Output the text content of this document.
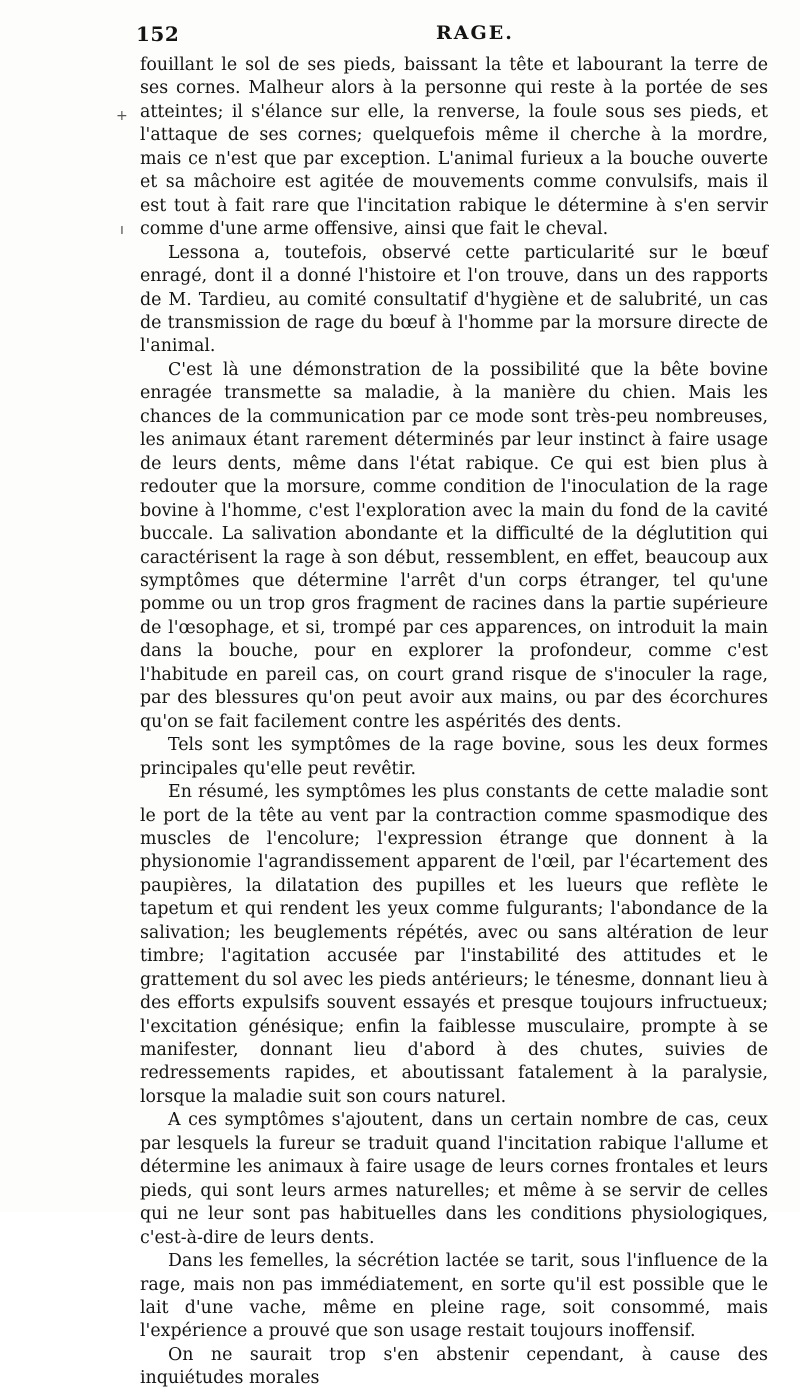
152	RAGE.
+
ı

fouillant le sol de ses pieds, baissant la tête et labourant la terre de ses cornes. Malheur alors à la personne qui reste à la portée de ses atteintes; il s'élance sur elle, la renverse, la foule sous ses pieds, et l'attaque de ses cornes; quelquefois même il cherche à la mordre, mais ce n'est que par exception. L'animal furieux a la bouche ouverte et sa mâchoire est agitée de mouvements comme convulsifs, mais il est tout à fait rare que l'incitation rabique le détermine à s'en servir comme d'une arme offensive, ainsi que fait le cheval.

Lessona a, toutefois, observé cette particularité sur le bœuf enragé, dont il a donné l'histoire et l'on trouve, dans un des rapports de M. Tardieu, au comité consultatif d'hygiène et de salubrité, un cas de transmission de rage du bœuf à l'homme par la morsure directe de l'animal.

C'est là une démonstration de la possibilité que la bête bovine enragée transmette sa maladie, à la manière du chien. Mais les chances de la communication par ce mode sont très-peu nombreuses, les animaux étant rarement déterminés par leur instinct à faire usage de leurs dents, même dans l'état rabique. Ce qui est bien plus à redouter que la morsure, comme condition de l'inoculation de la rage bovine à l'homme, c'est l'exploration avec la main du fond de la cavité buccale. La salivation abondante et la difficulté de la déglutition qui caractérisent la rage à son début, ressemblent, en effet, beaucoup aux symptômes que détermine l'arrêt d'un corps étranger, tel qu'une pomme ou un trop gros fragment de racines dans la partie supérieure de l'œsophage, et si, trompé par ces apparences, on introduit la main dans la bouche, pour en explorer la profondeur, comme c'est l'habitude en pareil cas, on court grand risque de s'inoculer la rage, par des blessures qu'on peut avoir aux mains, ou par des écorchures qu'on se fait facilement contre les aspérités des dents.

Tels sont les symptômes de la rage bovine, sous les deux formes principales qu'elle peut revêtir.

En résumé, les symptômes les plus constants de cette maladie sont le port de la tête au vent par la contraction comme spasmodique des muscles de l'encolure; l'expression étrange que donnent à la physionomie l'agrandissement apparent de l'œil, par l'écartement des paupières, la dilatation des pupilles et les lueurs que reflète le tapetum et qui rendent les yeux comme fulgurants; l'abondance de la salivation; les beuglements répétés, avec ou sans altération de leur timbre; l'agitation accusée par l'instabilité des attitudes et le grattement du sol avec les pieds antérieurs; le ténesme, donnant lieu à des efforts expulsifs souvent essayés et presque toujours infructueux; l'excitation génésique; enfin la faiblesse musculaire, prompte à se manifester, donnant lieu d'abord à des chutes, suivies de redressements rapides, et aboutissant fatalement à la paralysie, lorsque la maladie suit son cours naturel.

A ces symptômes s'ajoutent, dans un certain nombre de cas, ceux par lesquels la fureur se traduit quand l'incitation rabique l'allume et détermine les animaux à faire usage de leurs cornes frontales et leurs pieds, qui sont leurs armes naturelles; et même à se servir de celles qui ne leur sont pas habituelles dans les conditions physiologiques, c'est-à-dire de leurs dents.

Dans les femelles, la sécrétion lactée se tarit, sous l'influence de la rage, mais non pas immédiatement, en sorte qu'il est possible que le lait d'une vache, même en pleine rage, soit consommé, mais l'expérience a prouvé que son usage restait toujours inoffensif.

On ne saurait trop s'en abstenir cependant, à cause des inquiétudes morales
